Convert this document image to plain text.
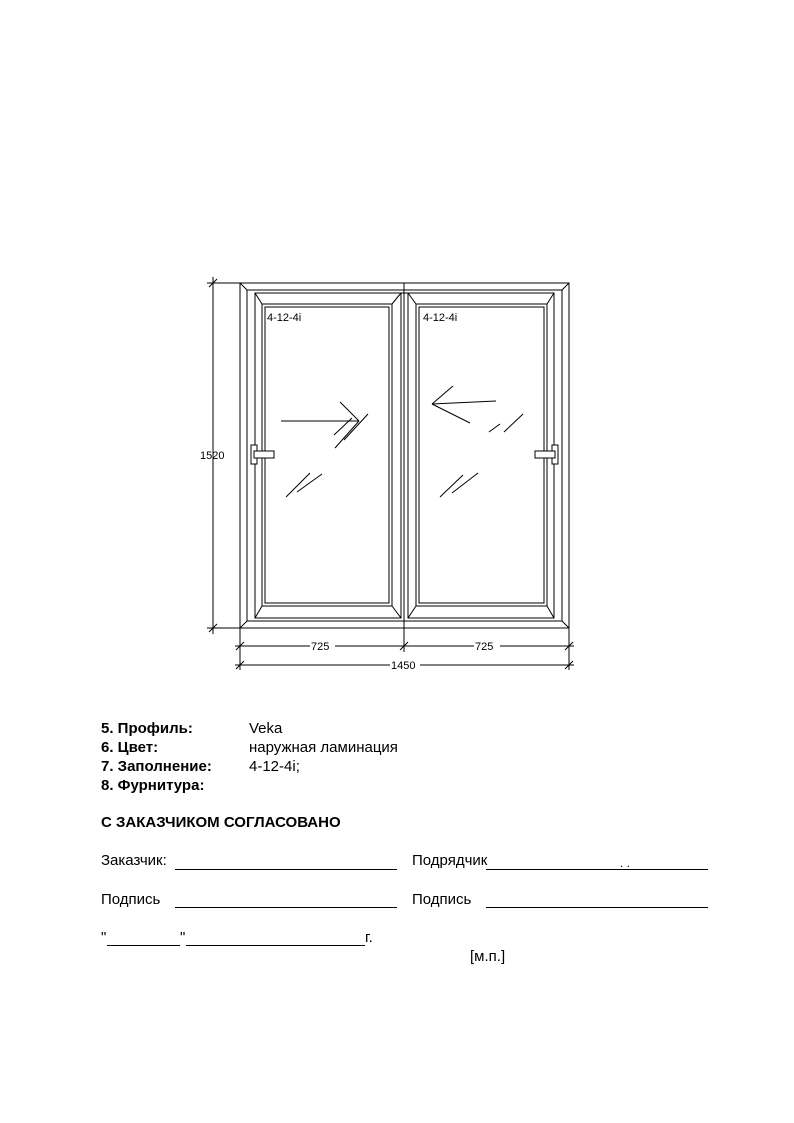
1520
4-12-4i	4-12-4i
725	725
1450
5. Профиль:	Veka
6. Цвет:	наружная ламинация
7. Заполнение: 4-12-4i;
8. Фурнитура:
С ЗАКАЗЧИКОМ СОГЛАСОВАНО
Заказчик:	Подрядчик	. .
Подпись	Подпись
"	"	г.
[м.п.]
